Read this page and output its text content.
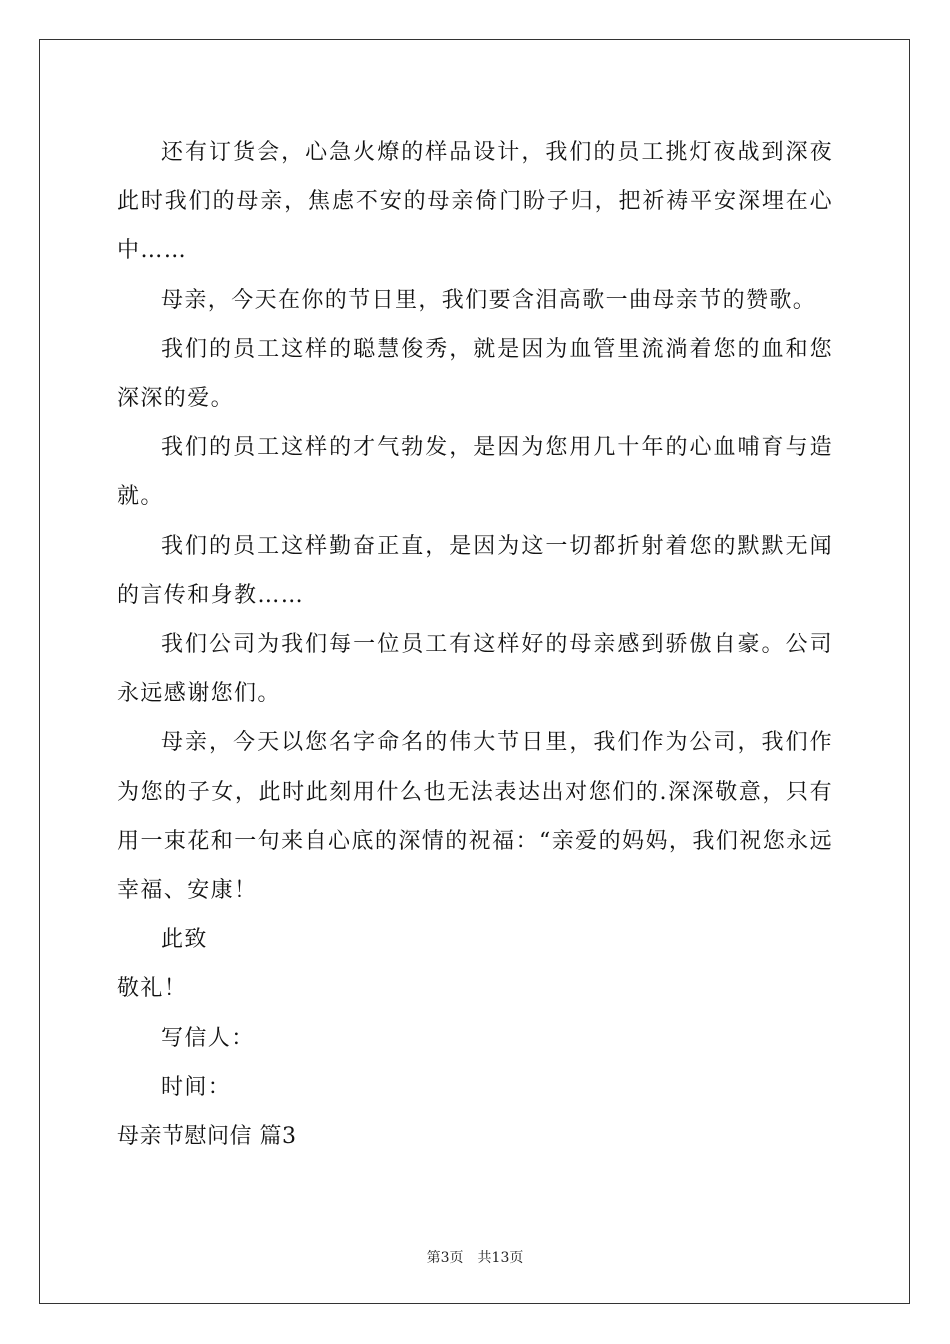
还有订货会，心急火燎的样品设计，我们的员工挑灯夜战到深夜此时我们的母亲，焦虑不安的母亲倚门盼子归，把祈祷平安深埋在心中……

母亲，今天在你的节日里，我们要含泪高歌一曲母亲节的赞歌。

我们的员工这样的聪慧俊秀，就是因为血管里流淌着您的血和您深深的爱。

我们的员工这样的才气勃发，是因为您用几十年的心血哺育与造就。

我们的员工这样勤奋正直，是因为这一切都折射着您的默默无闻的言传和身教……

我们公司为我们每一位员工有这样好的母亲感到骄傲自豪。公司永远感谢您们。

母亲，今天以您名字命名的伟大节日里，我们作为公司，我们作为您的子女，此时此刻用什么也无法表达出对您们的.深深敬意，只有用一束花和一句来自心底的深情的祝福：“亲爱的妈妈，我们祝您永远幸福、安康！

此致

敬礼！

写信人：

时间：

母亲节慰问信 篇3

第3页 共13页
